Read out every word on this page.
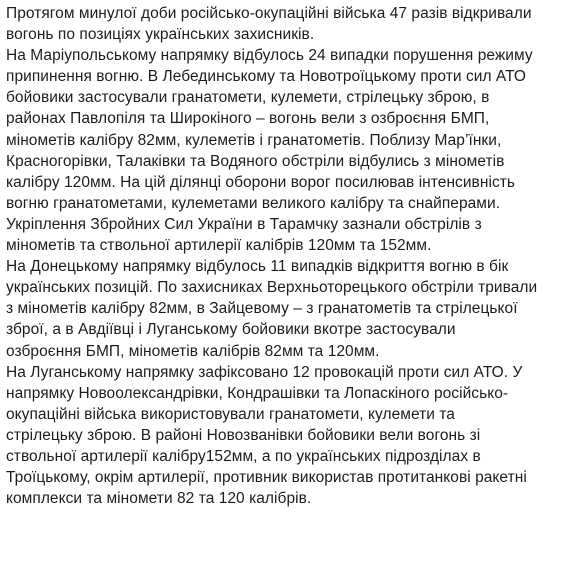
Протягом минулої доби російсько-окупаційні війська 47 разів відкривали
вогонь по позиціях українських захисників.
На Маріупольському напрямку відбулось 24 випадки порушення режиму
припинення вогню. В Лебединському та Новотроїцькому проти сил АТО
бойовики застосували гранатомети, кулемети, стрілецьку зброю, в
районах Павлопіля та Широкіного – вогонь вели з озброєння БМП,
мінометів калібру 82мм, кулеметів і гранатометів. Поблизу Мар’їнки,
Красногорівки, Талаківки та Водяного обстріли відбулись з мінометів
калібру 120мм. На цій ділянці оборони ворог посилював інтенсивність
вогню гранатометами, кулеметами великого калібру та снайперами.
Укріплення Збройних Сил України в Тарамчку зазнали обстрілів з
мінометів та ствольної артилерії калібрів 120мм та 152мм.
На Донецькому напрямку відбулось 11 випадків відкриття вогню в бік
українських позицій. По захисниках Верхньоторецького обстріли тривали
з мінометів калібру 82мм, в Зайцевому – з гранатометів та стрілецької
зброї, а в Авдіївці і Луганському бойовики вкотре застосували
озброєння БМП, мінометів калібрів 82мм та 120мм.
На Луганському напрямку зафіксовано 12 провокацій проти сил АТО. У
напрямку Новоолександрівки, Кондрашівки та Лопаскіного російсько-
окупаційні війська використовували гранатомети, кулемети та
стрілецьку зброю. В районі Новозванівки бойовики вели вогонь зі
ствольної артилерії калібру152мм, а по українських підрозділах в
Троїцькому, окрім артилерії, противник використав протитанкові ракетні
комплекси та міномети 82 та 120 калібрів.
